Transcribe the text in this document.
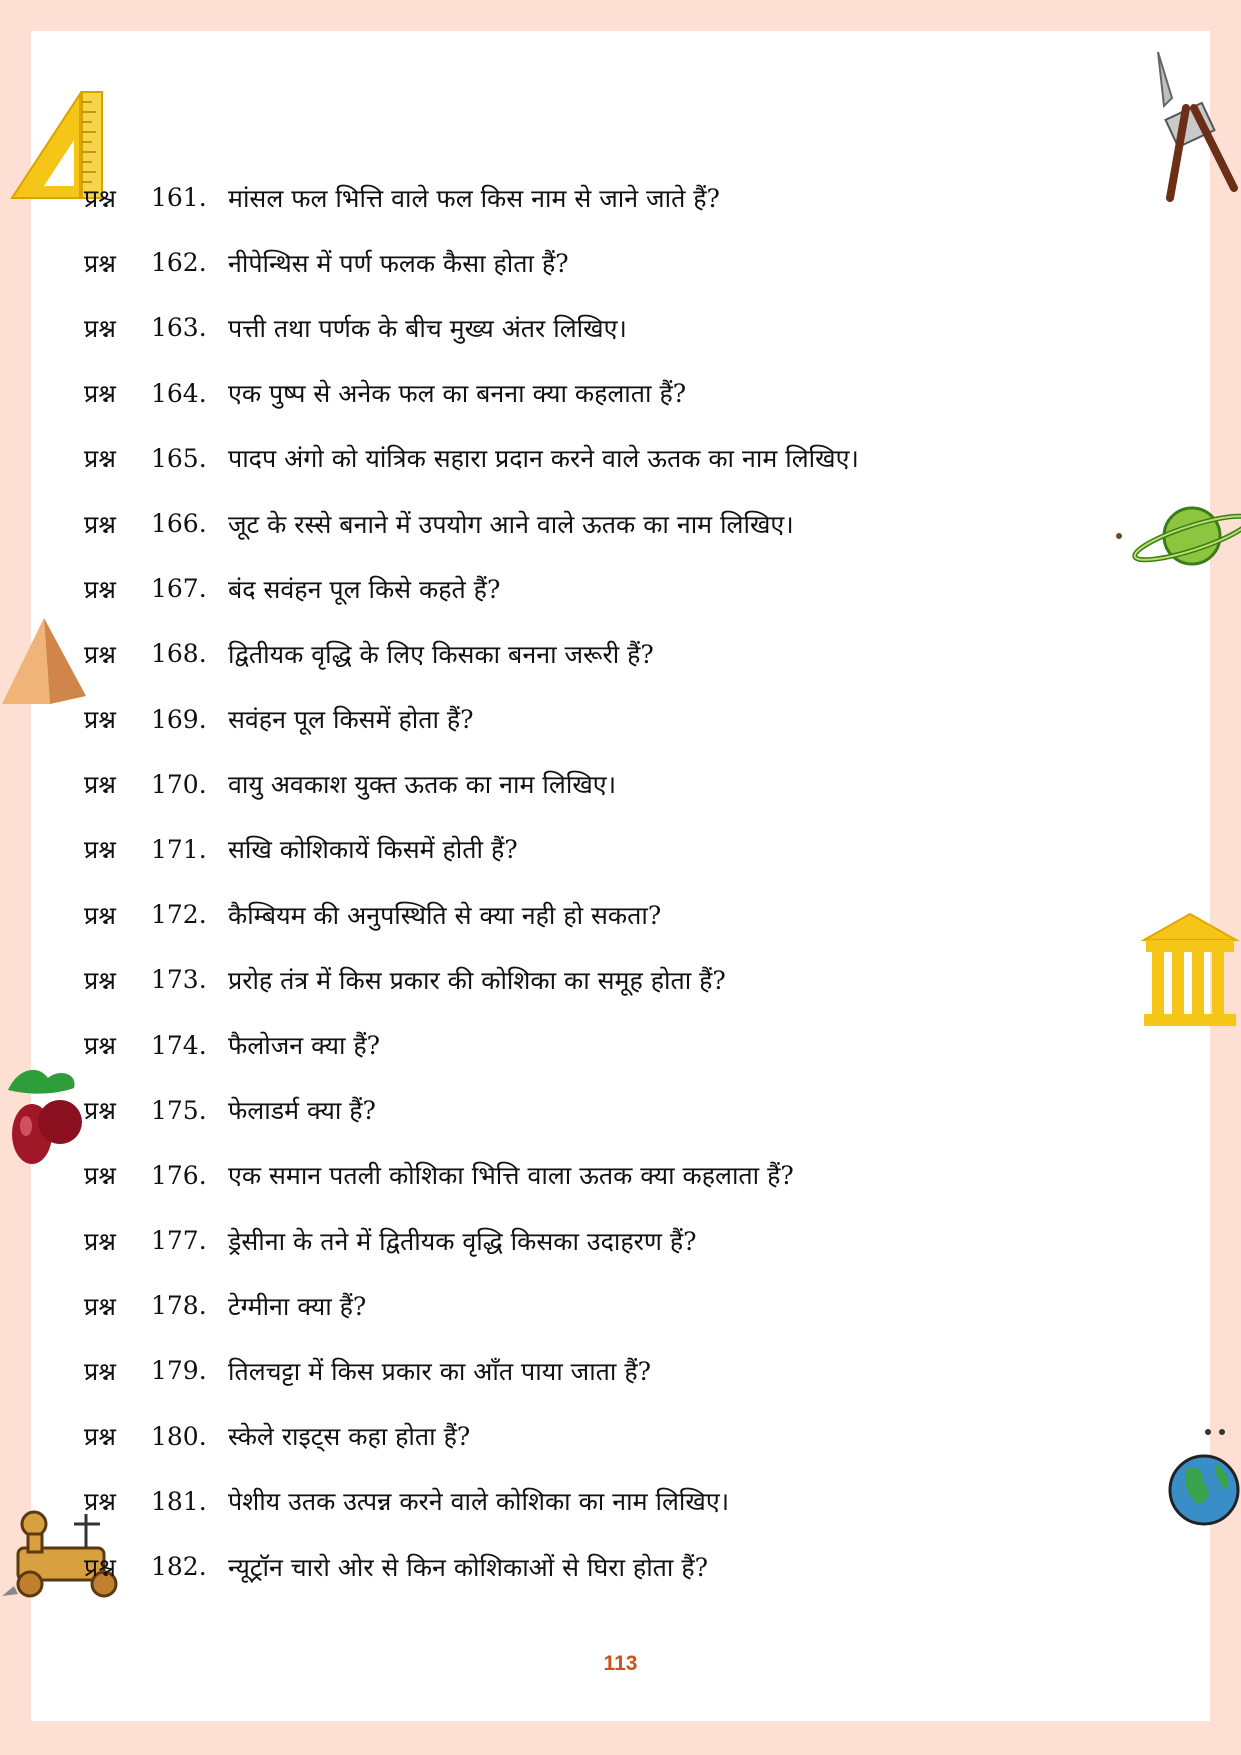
प्रश्न	161. मांसल फल भित्ति वाले फल किस नाम से जाने जाते हैं?
प्रश्न	162. नीपेन्थिस में पर्ण फलक कैसा होता हैं?
प्रश्न	163. पत्ती तथा पर्णक के बीच मुख्य अंतर लिखिए।
प्रश्न	164. एक पुष्प से अनेक फल का बनना क्या कहलाता हैं?
प्रश्न	165. पादप अंगो को यांत्रिक सहारा प्रदान करने वाले ऊतक का नाम लिखिए।
प्रश्न	166. जूट के रस्से बनाने में उपयोग आने वाले ऊतक का नाम लिखिए।
प्रश्न	167. बंद सवंहन पूल किसे कहते हैं?
प्रश्न	168. द्वितीयक वृद्धि के लिए किसका बनना जरूरी हैं?
प्रश्न	169. सवंहन पूल किसमें होता हैं?
प्रश्न	170. वायु अवकाश युक्त ऊतक का नाम लिखिए।
प्रश्न	171. सखि कोशिकायें किसमें होती हैं?
प्रश्न	172. कैम्बियम की अनुपस्थिति से क्या नही हो सकता?
प्रश्न	173. प्ररोह तंत्र में किस प्रकार की कोशिका का समूह होता हैं?
प्रश्न	174. फैलोजन क्या हैं?
प्रश्न	175. फेलाडर्म क्या हैं?
प्रश्न	176. एक समान पतली कोशिका भित्ति वाला ऊतक क्या कहलाता हैं?
प्रश्न	177. ड्रेसीना के तने में द्वितीयक वृद्धि किसका उदाहरण हैं?
प्रश्न	178. टेग्मीना क्या हैं?
प्रश्न	179. तिलचट्टा में किस प्रकार का आँत पाया जाता हैं?
प्रश्न	180. स्केले राइट्स कहा होता हैं?
प्रश्न	181. पेशीय उतक उत्पन्न करने वाले कोशिका का नाम लिखिए।
प्रश्न	182. न्यूट्रॉन चारो ओर से किन कोशिकाओं से घिरा होता हैं?
113
